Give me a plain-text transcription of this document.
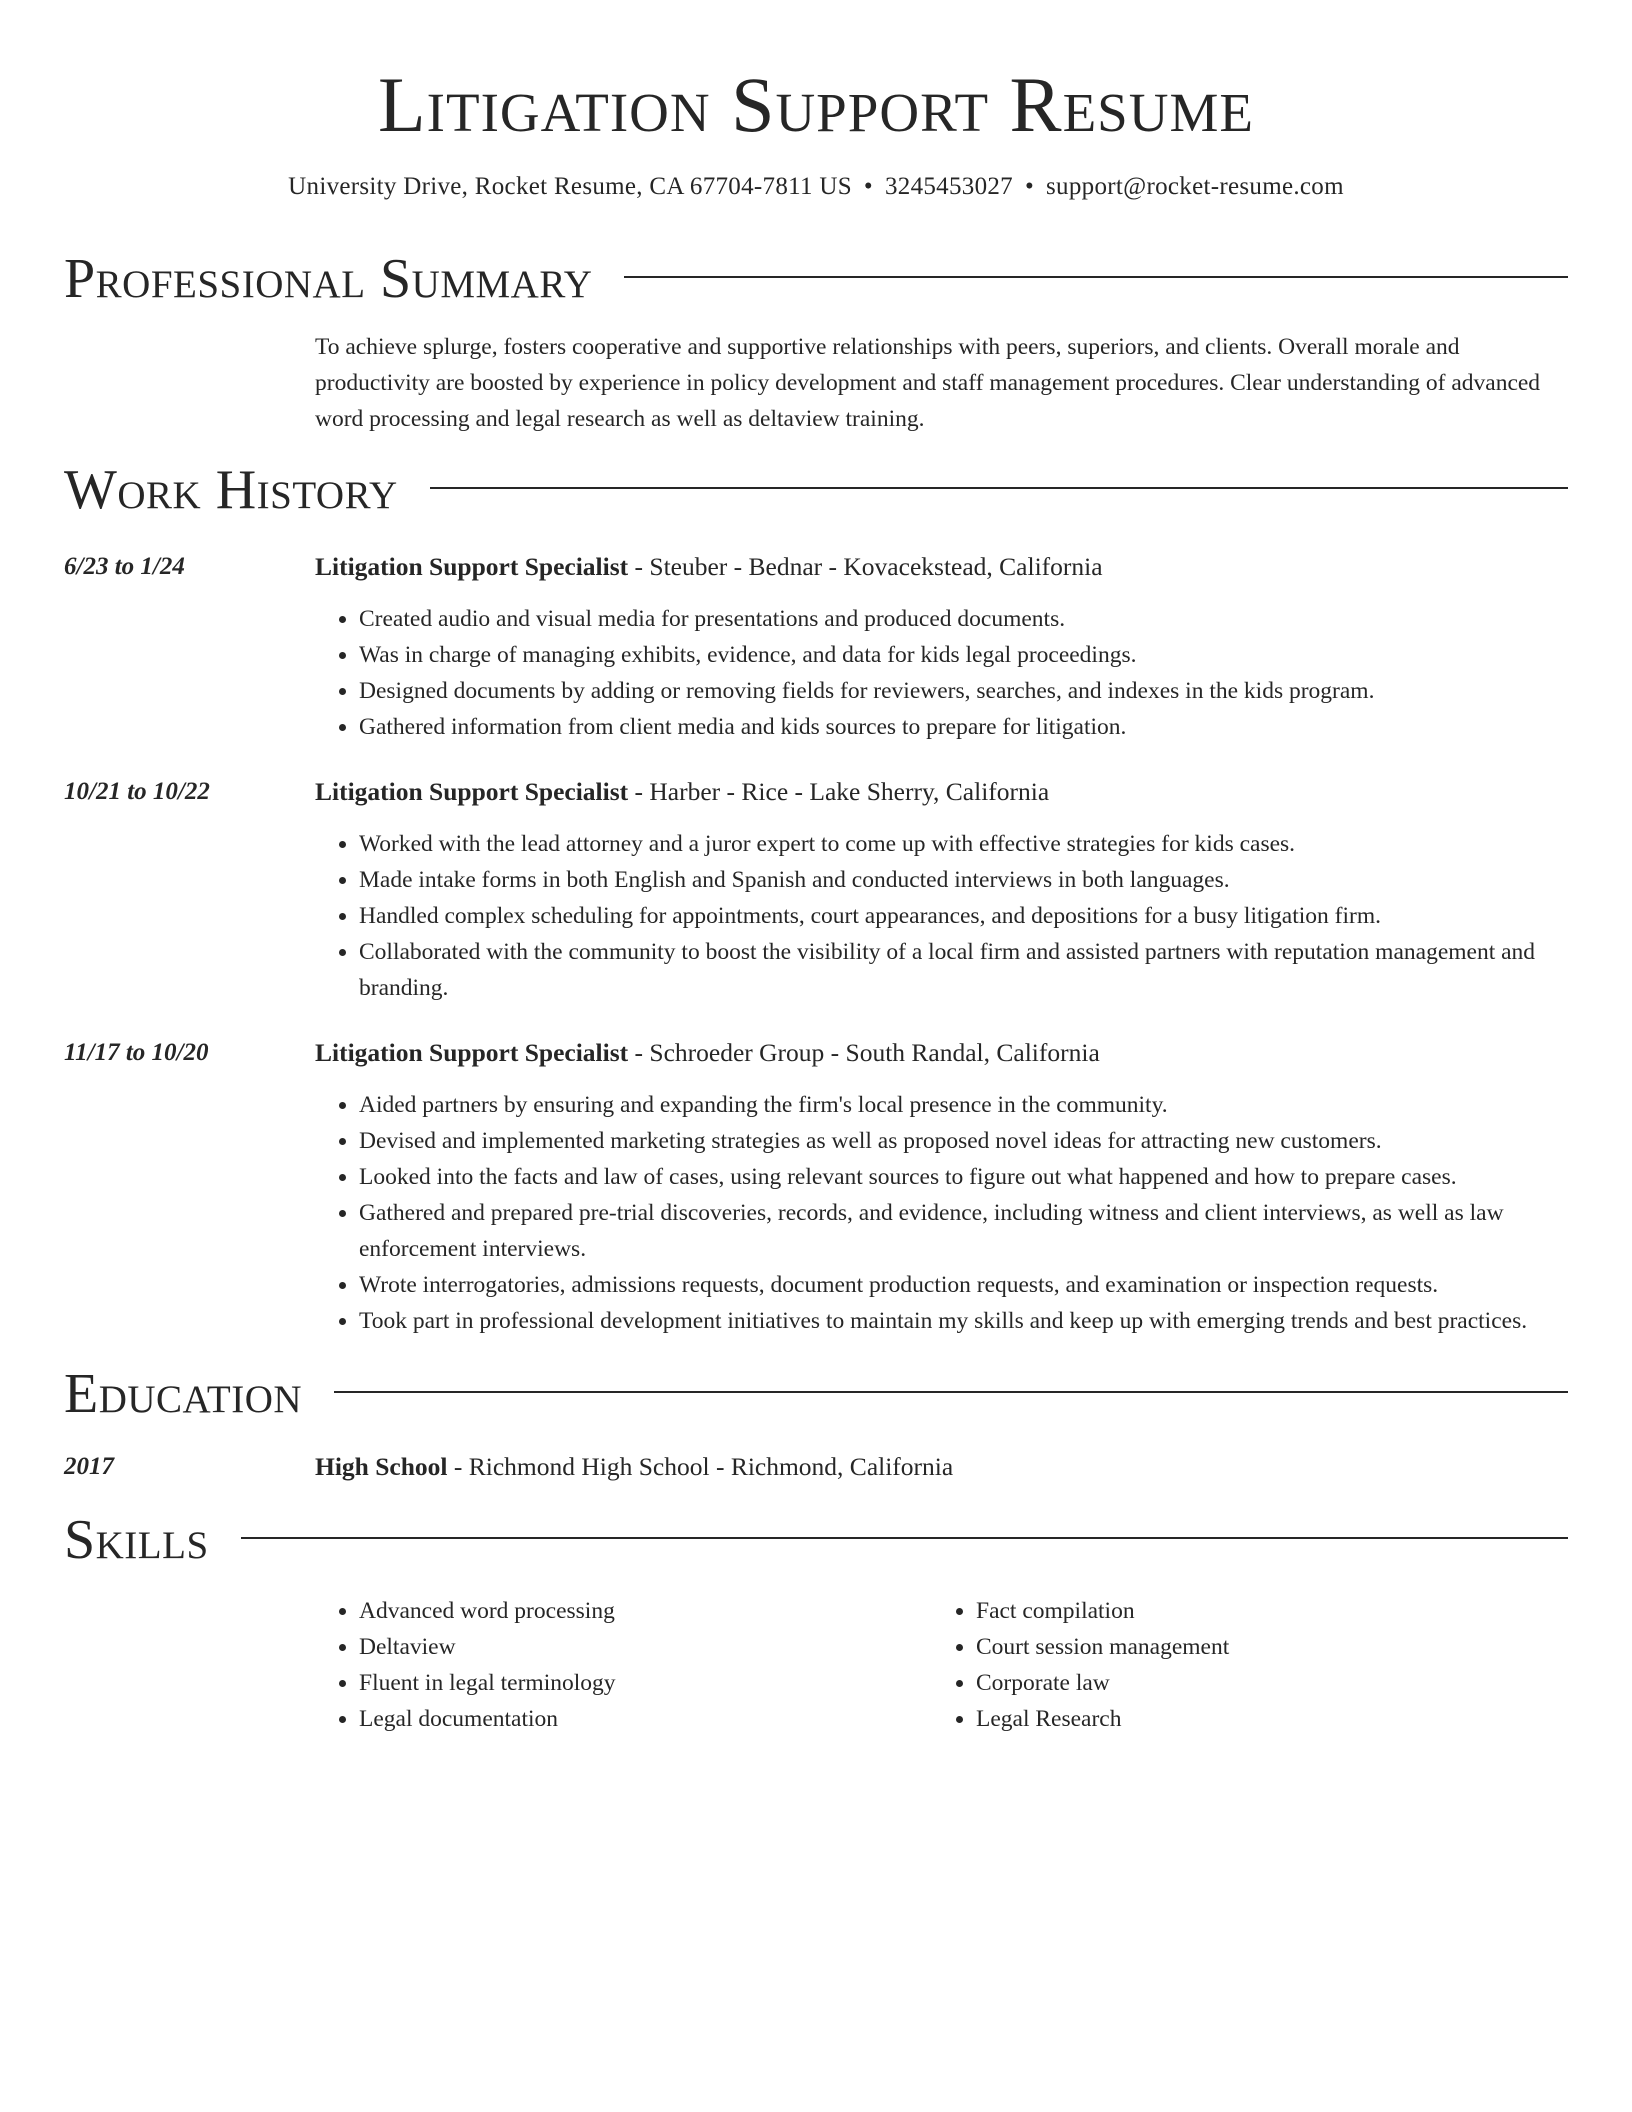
Litigation Support Resume
University Drive, Rocket Resume, CA 67704-7811 US • 3245453027 • support@rocket-resume.com
Professional Summary
To achieve splurge, fosters cooperative and supportive relationships with peers, superiors, and clients. Overall morale and productivity are boosted by experience in policy development and staff management procedures. Clear understanding of advanced word processing and legal research as well as deltaview training.
Work History
6/23 to 1/24	Litigation Support Specialist - Steuber - Bednar - Kovacekstead, California
• Created audio and visual media for presentations and produced documents.
• Was in charge of managing exhibits, evidence, and data for kids legal proceedings.
• Designed documents by adding or removing fields for reviewers, searches, and indexes in the kids program.
• Gathered information from client media and kids sources to prepare for litigation.
10/21 to 10/22	Litigation Support Specialist - Harber - Rice - Lake Sherry, California
• Worked with the lead attorney and a juror expert to come up with effective strategies for kids cases.
• Made intake forms in both English and Spanish and conducted interviews in both languages.
• Handled complex scheduling for appointments, court appearances, and depositions for a busy litigation firm.
• Collaborated with the community to boost the visibility of a local firm and assisted partners with reputation management and branding.
11/17 to 10/20	Litigation Support Specialist - Schroeder Group - South Randal, California
• Aided partners by ensuring and expanding the firm's local presence in the community.
• Devised and implemented marketing strategies as well as proposed novel ideas for attracting new customers.
• Looked into the facts and law of cases, using relevant sources to figure out what happened and how to prepare cases.
• Gathered and prepared pre-trial discoveries, records, and evidence, including witness and client interviews, as well as law enforcement interviews.
• Wrote interrogatories, admissions requests, document production requests, and examination or inspection requests.
• Took part in professional development initiatives to maintain my skills and keep up with emerging trends and best practices.
Education
2017	High School - Richmond High School - Richmond, California
Skills
• Advanced word processing
• Deltaview
• Fluent in legal terminology
• Legal documentation
• Fact compilation
• Court session management
• Corporate law
• Legal Research
